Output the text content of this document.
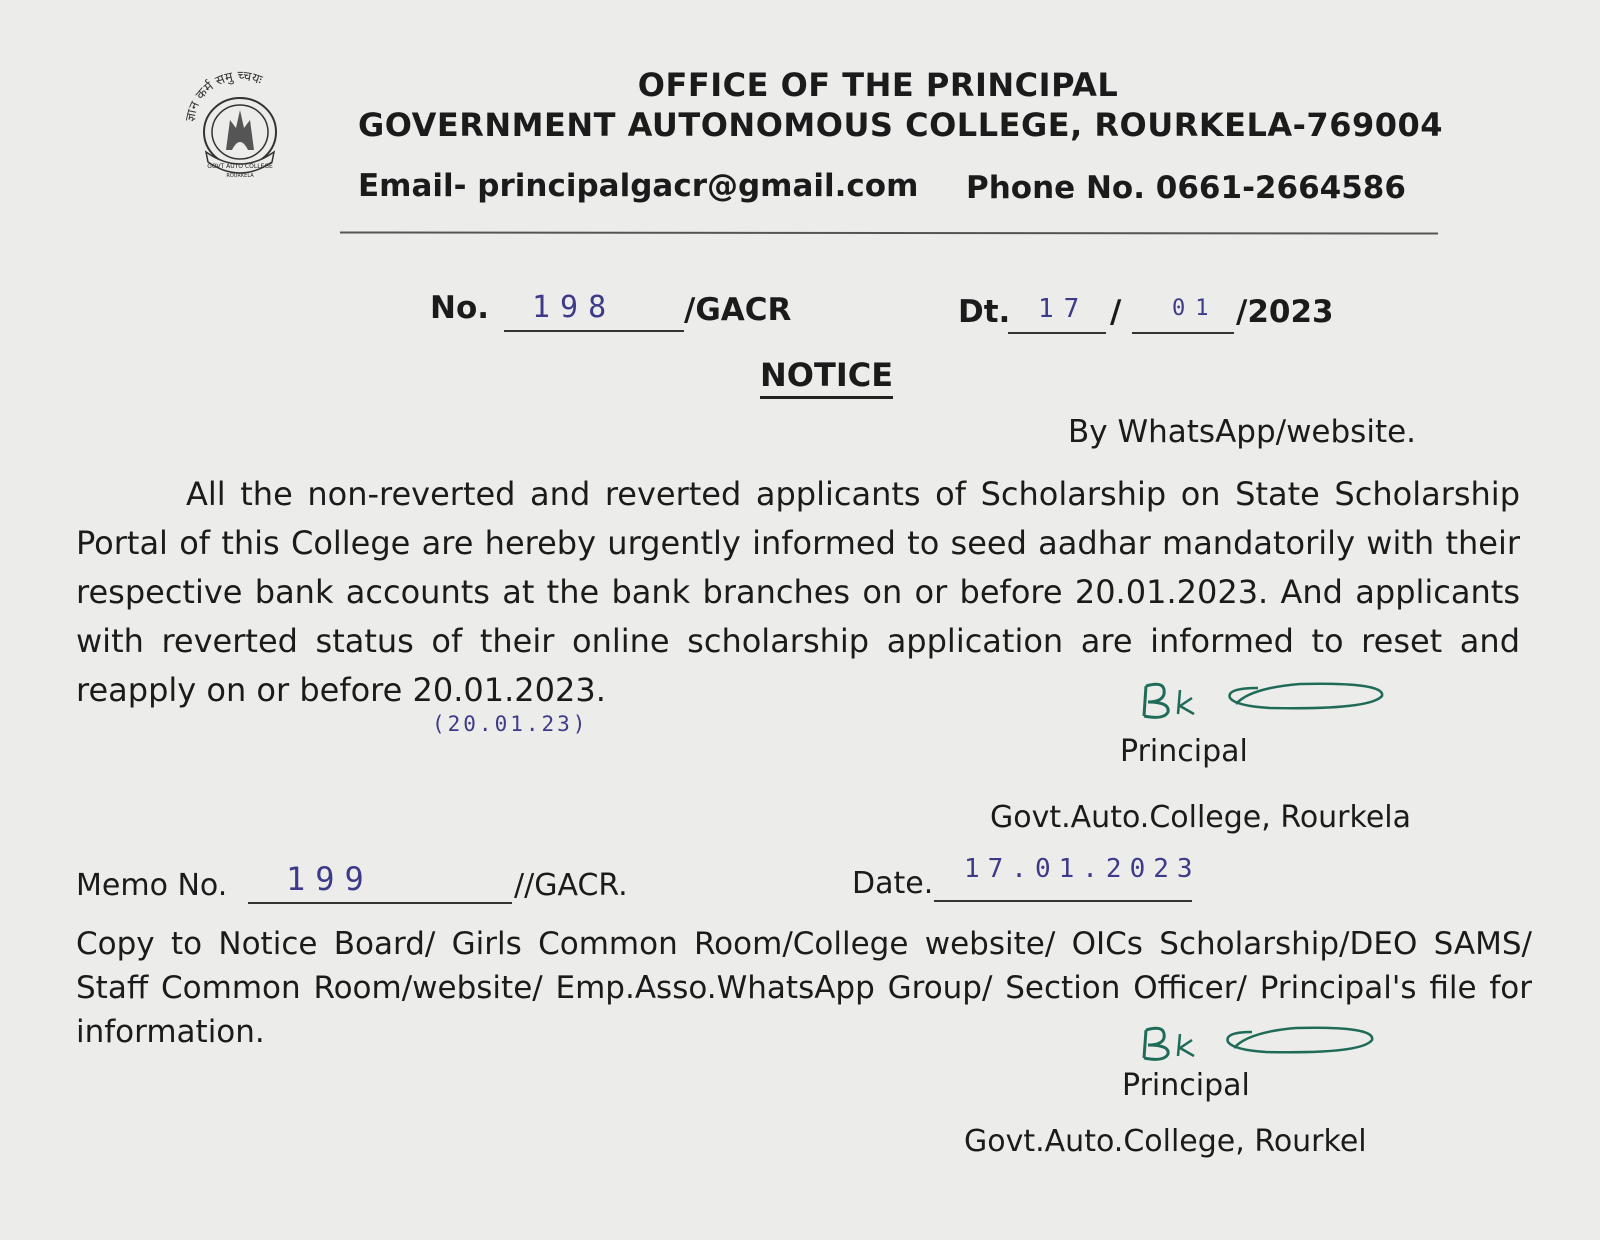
ज्ञान कर्म समु च्चयः
GOVT AUTO COLLEGE
ROURKELA
OFFICE OF THE PRINCIPAL
GOVERNMENT AUTONOMOUS COLLEGE, ROURKELA-769004
Email- principalgacr@gmail.com Phone No. 0661-2664586
No. 198 /GACR	Dt. 17 / 01 /2023
NOTICE
By WhatsApp/website.
All the non-reverted and reverted applicants of Scholarship on State Scholarship Portal of this College are hereby urgently informed to seed aadhar mandatorily with their respective bank accounts at the bank branches on or before 20.01.2023. And applicants with reverted status of their online scholarship application are informed to reset and reapply on or before 20.01.2023.
(20.01.23)
Principal
Govt.Auto.College, Rourkela
Memo No. 199	//GACR.	Date. 17.01.2023
Copy to Notice Board/ Girls Common Room/College website/ OICs Scholarship/DEO SAMS/ Staff Common Room/website/ Emp.Asso.WhatsApp Group/ Section Officer/ Principal's file for information.
Principal
Govt.Auto.College, Rourkel
